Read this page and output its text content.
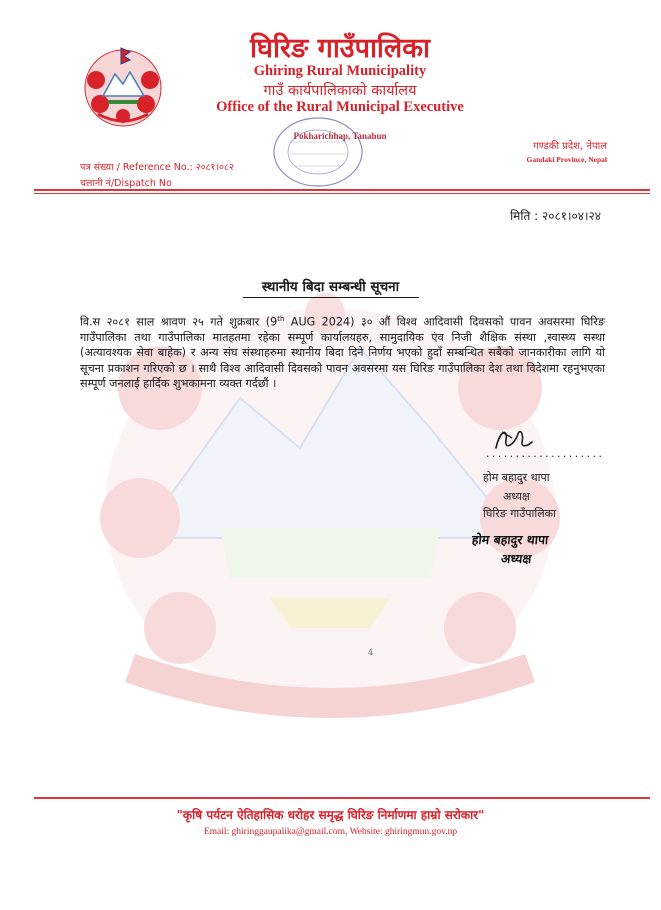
घिरिङ गाउँपालिका
Ghiring Rural Municipality
गाउँ कार्यपालिकाको कार्यालय
Office of the Rural Municipal Executive
Pokharichhap, Tanahun
गण्डकी प्रदेश, नेपाल
Gandaki Province, Nepal
पत्र संख्या / Reference No.: २०८१।०८२
चलानी नं/Dispatch No
मिति : २०८१।०४।२४
स्थानीय बिदा सम्बन्धी सूचना
वि.स २०८१ साल श्रावण २५ गते शुक्रबार (9th AUG 2024) ३० औं विश्व आदिवासी दिवसको पावन अवसरमा घिरिङ गाउँपालिका तथा गाउँपालिका मातहतमा रहेका सम्पूर्ण कार्यालयहरु, सामुदायिक एंव निजी शैक्षिक संस्था ,स्वास्थ्य सस्था (अत्यावश्यक सेवा बाहेक) र अन्य संघ संस्थाहरुमा स्थानीय बिदा दिने निर्णय भएको हुदाँ सम्बन्धित सबैको जानकारीका लागि यो सूचना प्रकाशन गरिएको छ । साथै विश्व आदिवासी दिवसको पावन अवसरमा यस घिरिङ गाउँपालिका देश तथा विदेशमा रहनुभएका सम्पूर्ण जनलाई हार्दिक शुभकामना व्यक्त गर्दछौं ।
....................
होम बहादुर थापा
अध्यक्ष
घिरिङ गाउँपालिका
होम बहादुर थापा
अध्यक्ष
4
"कृषि पर्यटन ऐतिहासिक धरोहर समृद्ध घिरिङ निर्माणमा हाम्रो सरोकार"
Email: ghiringgaupalika@gmail.com, Website: ghiringmun.gov.np
